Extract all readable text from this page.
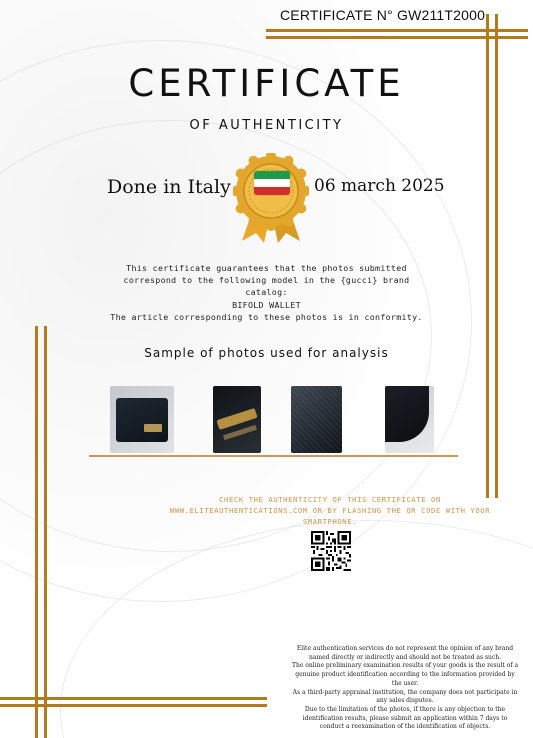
CERTIFICATE N° GW211T2000
CERTIFICATE
OF AUTHENTICITY
Done in Italy	06 march 2025
This certificate guarantees that the photos submitted
correspond to the following model in the {gucci} brand
catalog:
BIFOLD WALLET
The article corresponding to these photos is in conformity.
Sample of photos used for analysis
CHECK THE AUTHENTICITY OF THIS CERTIFICATE ON
WWW.ELITEAUTHENTICATIONS.COM OR BY FLASHING THE QR CODE WITH YOUR
SMARTPHONE.
Elite authentication services do not represent the opinion of any brand
named directly or indirectly and should not be treated as such.
The online preliminary examination results of your goods is the result of a
genuine product identification according to the information provided by
the user.
As a third-party appraisal institution, the company does not participate in
any sales disputes.
Due to the limitation of the photos, if there is any objection to the
identification results, please submit an application within 7 days to
conduct a reexamination of the identification of objects.
